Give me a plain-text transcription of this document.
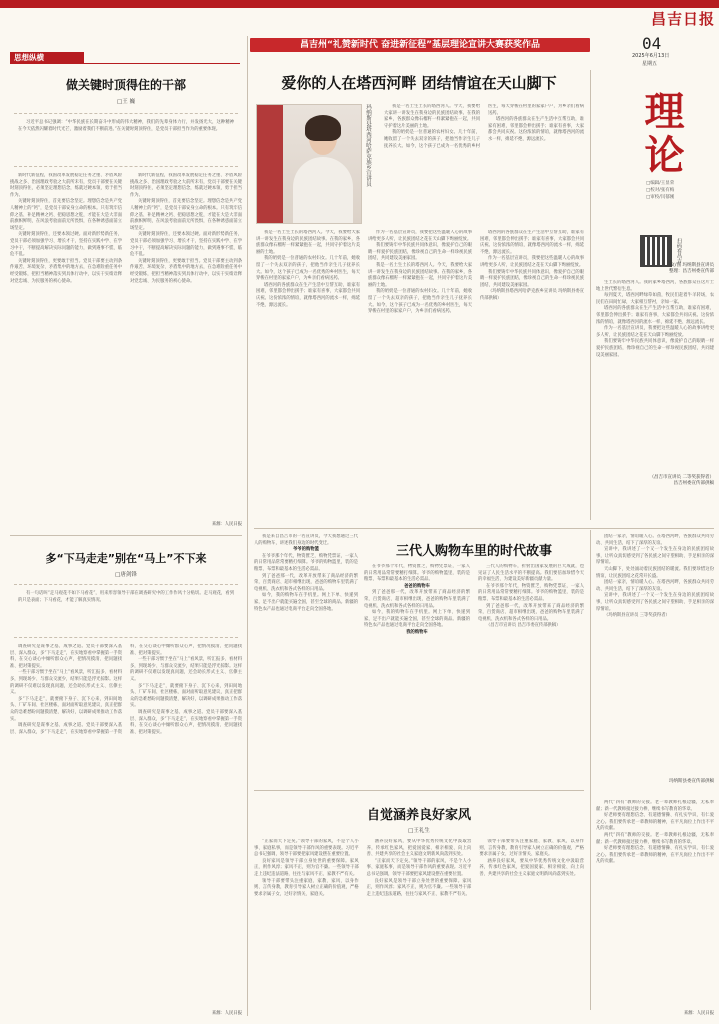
昌吉日报
04
2025年6月13日
星期五
理论
□编辑/王显荣
□校对/张有梅
□审校/闫郁刚
扫码看昌吉
昌吉州“礼赞新时代 奋进新征程”基层理论宣讲大赛获奖作品
思想纵横
做关键时顶得住的干部
□王 巍

习近平总书记强调：“中华民族在长期奋斗中形成的伟大精神，我们的先辈身体力行，并发扬光大，这种精神在今天依然闪耀着时代光芒，激励着我们不断前进。”在关键时刻顶得住，是党员干部担当作为的重要体现。

新时代新征程，我国改革发展稳定任务之重、矛盾风险挑战之多、治国理政考验之大前所未有，党员干部要在关键时刻顶得住，必须坚定理想信念，练就过硬本领，勇于担当作为。

关键时刻顶得住，首先要信念坚定。理想信念是共产党人精神上的“钙”，是党员干部安身立命的根本。只有筑牢信仰之基、补足精神之钙、把稳思想之舵，才能在大是大非面前旗帜鲜明，在风浪考验面前无所畏惧，在各种诱惑面前立场坚定。

关键时刻顶得住，还要本领过硬。面对新形势新任务，党员干部必须加强学习、增长才干，坚持在实践中学、在学习中干，不断提高解决实际问题的能力，做到遇事不慌、临危不乱。

关键时刻顶得住，更要敢于担当。党员干部要主动到条件艰苦、环境复杂、矛盾集中的地方去，在急难险重任务中经受锻炼，把担当精神落实到具体行动中，以实干实绩诠释对党忠诚、为民服务的初心使命。

新时代新征程，我国改革发展稳定任务之重、矛盾风险挑战之多、治国理政考验之大前所未有，党员干部要在关键时刻顶得住，必须坚定理想信念，练就过硬本领，勇于担当作为。

关键时刻顶得住，首先要信念坚定。理想信念是共产党人精神上的“钙”，是党员干部安身立命的根本。只有筑牢信仰之基、补足精神之钙、把稳思想之舵，才能在大是大非面前旗帜鲜明，在风浪考验面前无所畏惧，在各种诱惑面前立场坚定。

关键时刻顶得住，还要本领过硬。面对新形势新任务，党员干部必须加强学习、增长才干，坚持在实践中学、在学习中干，不断提高解决实际问题的能力，做到遇事不慌、临危不乱。

关键时刻顶得住，更要敢于担当。党员干部要主动到条件艰苦、环境复杂、矛盾集中的地方去，在急难险重任务中经受锻炼，把担当精神落实到具体行动中，以实干实绩诠释对党忠诚、为民服务的初心使命。

来源：人民日报
多“下马走走”别在“马上”不下来
□唐剑锋

有一句话叫“走马观花不如下马看花”，用来形容领导干部在调查研究中的工作作风十分贴切。走马观花，看到的只是表面；下马看花，才能了解真实情况。

调查研究是谋事之基、成事之道。党员干部要深入基层、深入群众，多“下马走走”，在实地察看中掌握第一手资料，在交心谈心中倾听群众心声，把情况摸清、把问题找准、把对策提实。

一些干部习惯于坐在“马上”看风景，听汇报多、看材料多，到现场少、与群众交流少，结果只能是浮光掠影。这样的调研不仅难以发现真问题，还会助长形式主义、官僚主义。

多“下马走走”，就要俯下身子、沉下心来，到田间地头、厂矿车间、社区楼栋，面对面听取意见建议，真正把群众的急难愁盼问题摸清楚、解决好，以调研成果推动工作落实。

调查研究是谋事之基、成事之道。党员干部要深入基层、深入群众，多“下马走走”，在实地察看中掌握第一手资料，在交心谈心中倾听群众心声，把情况摸清、把问题找准、把对策提实。

一些干部习惯于坐在“马上”看风景，听汇报多、看材料多，到现场少、与群众交流少，结果只能是浮光掠影。这样的调研不仅难以发现真问题，还会助长形式主义、官僚主义。

多“下马走走”，就要俯下身子、沉下心来，到田间地头、厂矿车间、社区楼栋，面对面听取意见建议，真正把群众的急难愁盼问题摸清楚、解决好，以调研成果推动工作落实。

调查研究是谋事之基、成事之道。党员干部要深入基层、深入群众，多“下马走走”，在实地察看中掌握第一手资料，在交心谈心中倾听群众心声，把情况摸清、把问题找准、把对策提实。

来源：人民日报
爱你的人在塔西河畔 团结情谊在天山脚下
玛纳斯县塔西河哈萨克族乡宣讲员

我是一名土生土长的塔西河人。今天，我要给大家讲一讲发生在我身边的民族团结故事。在我的家乡，各族群众像石榴籽一样紧紧抱在一起，共同守护着这片美丽的土地。

我的奶奶是一位普通的农村妇女。几十年前，她收留了一个失去双亲的孩子，把他当作亲生儿子抚养长大。如今，这个孩子已成为一名优秀的乡村医生，每天穿梭在村里的家家户户，为乡亲们看病送药。

塔西河的各族群众在生产生活中互帮互助，谁家有困难，邻里都会伸出援手；谁家有喜事，大家都会共同庆祝。这份浓浓的情谊，就像塔西河的流水一样，绵延不绝、源远流长。

作为一名基层宣讲员，我要把这些温暖人心的故事讲给更多人听，让民族团结之花在天山脚下绚丽绽放。

我们要铸牢中华民族共同体意识，像爱护自己的眼睛一样爱护民族团结，像珍视自己的生命一样珍视民族团结，共同建设美丽家园。

我是一名土生土长的塔西河人。今天，我要给大家讲一讲发生在我身边的民族团结故事。在我的家乡，各族群众像石榴籽一样紧紧抱在一起，共同守护着这片美丽的土地。

我的奶奶是一位普通的农村妇女。几十年前，她收留了一个失去双亲的孩子，把他当作亲生儿子抚养长大。如今，这个孩子已成为一名优秀的乡村医生，每天穿梭在村里的家家户户，为乡亲们看病送药。

塔西河的各族群众在生产生活中互帮互助，谁家有困难，邻里都会伸出援手；谁家有喜事，大家都会共同庆祝。这份浓浓的情谊，就像塔西河的流水一样，绵延不绝、源远流长。

作为一名基层宣讲员，我要把这些温暖人心的故事讲给更多人听，让民族团结之花在天山脚下绚丽绽放。

我们要铸牢中华民族共同体意识，像爱护自己的眼睛一样爱护民族团结，像珍视自己的生命一样珍视民族团结，共同建设美丽家园。

（玛纳斯县塔西河哈萨克族乡宣讲员 玛纳斯县委宣传部供稿）

我是一名土生土长的塔西河人。今天，我要给大家讲一讲发生在我身边的民族团结故事。在我的家乡，各族群众像石榴籽一样紧紧抱在一起，共同守护着这片美丽的土地。

我的奶奶是一位普通的农村妇女。几十年前，她收留了一个失去双亲的孩子，把他当作亲生儿子抚养长大。如今，这个孩子已成为一名优秀的乡村医生，每天穿梭在村里的家家户户，为乡亲们看病送药。

塔西河的各族群众在生产生活中互帮互助，谁家有困难，邻里都会伸出援手；谁家有喜事，大家都会共同庆祝。这份浓浓的情谊，就像塔西河的流水一样，绵延不绝、源远流长。

生土长的塔西河人。我的家乡塔西河，各族群众在这片土地上世代繁衍生息。

每到夏天，塔西河畔绿草如茵，牧民们赶着牛羊转场，农民们在田间忙碌，大家相互帮衬，亲如一家。

塔西河的各族群众在生产生活中互帮互助，谁家有困难，邻里都会伸出援手；谁家有喜事，大家都会共同庆祝。这份浓浓的情谊，就像塔西河的流水一样，绵延不绝、源远流长。

作为一名基层宣讲员，我要把这些温暖人心的故事讲给更多人听，让民族团结之花在天山脚下绚丽绽放。

我们要铸牢中华民族共同体意识，像爱护自己的眼睛一样爱护民族团结，像珍视自己的生命一样珍视民族团结，共同建设美丽家园。

（昌吉市宣讲员 二等奖获得者）
昌吉州委宣传部供稿

我是来自昌吉市的一名宣讲员，今天我想通过三代人的购物车，讲述我们身边的时代变迁。

爷爷的购物篮

在爷爷那个年代，物资匮乏，购物凭票证，一家人的日常用品常常要精打细算。爷爷的购物篮里，装的是粮票、布票和最基本的生活必需品。

到了爸爸那一代，改革开放带来了商品经济的繁荣，百货商店、超市相继出现，爸爸的购物车里装满了电视机、洗衣机和各式各样的日用品。

如今，我的购物车在手机里。网上下单、快递到家，足不出户就能买遍全国，甚至全球的商品。新疆的特色农产品也通过电商平台走向全国各地。

三代人购物车里的时代故事

在爷爷那个年代，物资匮乏，购物凭票证，一家人的日常用品常常要精打细算。爷爷的购物篮里，装的是粮票、布票和最基本的生活必需品。

爸爸的购物车

到了爸爸那一代，改革开放带来了商品经济的繁荣，百货商店、超市相继出现，爸爸的购物车里装满了电视机、洗衣机和各式各样的日用品。

如今，我的购物车在手机里。网上下单、快递到家，足不出户就能买遍全国，甚至全球的商品。新疆的特色农产品也通过电商平台走向全国各地。

我的购物车

三代人的购物车，折射出国家发展的巨大成就，也见证了人民生活水平的不断提高。我们要倍加珍惜今天的幸福生活，为建设美好新疆贡献力量。

在爷爷那个年代，物资匮乏，购物凭票证，一家人的日常用品常常要精打细算。爷爷的购物篮里，装的是粮票、布票和最基本的生活必需品。

到了爸爸那一代，改革开放带来了商品经济的繁荣，百货商店、超市相继出现，爸爸的购物车里装满了电视机、洗衣机和各式各样的日用品。

（昌吉市宣讲员 昌吉市委宣传部供稿）

团结一家亲，情谊暖人心。在塔西河畔，各族群众共同劳动、共同生活，结下了深厚的友谊。

宣讲中，我讲述了一个又一个发生在身边的民族团结故事，让听众真切感受到了各民族之间守望相助、手足相亲的深厚情谊。

天山脚下，处处涌动着民族团结的暖流。我们要珍惜这份情谊，让民族团结之花常开长盛。

团结一家亲，情谊暖人心。在塔西河畔，各族群众共同劳动、共同生活，结下了深厚的友谊。

宣讲中，我讲述了一个又一个发生在身边的民族团结故事，让听众真切感受到了各民族之间守望相助、手足相亲的深厚情谊。

（玛纳斯县宣讲员 三等奖获得者）

玛纳斯县委宣传部供稿
自觉涵养良好家风
□王礼生

“正家而天下定矣。”领导干部的家风，不是个人小事、家庭私事，而是领导干部作风的重要表现。习近平总书记强调，领导干部要把家风建设摆在重要位置。

良好家风是领导干部立身处世的重要保障。家风正，则作风淳；家风不正，则为官不廉。一些领导干部走上违纪违法道路，往往与家风不正、家教不严有关。

领导干部要带头注重家庭、家教、家风，以身作则、言传身教，教育引导家人树立正确的价值观，严格要求亲属子女，过好亲情关、家庭关。

涵养良好家风，要从中华优秀传统文化中汲取营养，传承红色家风，把爱国爱家、相亲相爱、向上向善、共建共享的社会主义家庭文明新风尚落到实处。

“正家而天下定矣。”领导干部的家风，不是个人小事、家庭私事，而是领导干部作风的重要表现。习近平总书记强调，领导干部要把家风建设摆在重要位置。

良好家风是领导干部立身处世的重要保障。家风正，则作风淳；家风不正，则为官不廉。一些领导干部走上违纪违法道路，往往与家风不正、家教不严有关。

领导干部要带头注重家庭、家教、家风，以身作则、言传身教，教育引导家人树立正确的价值观，严格要求亲属子女，过好亲情关、家庭关。

涵养良好家风，要从中华优秀传统文化中汲取营养，传承红色家风，把爱国爱家、相亲相爱、向上向善、共建共享的社会主义家庭文明新风尚落到实处。

两代“四有”教师的交接。老一辈教师扎根边疆，无私奉献；新一代教师接过接力棒，继续书写教育的华章。

好老师要有理想信念、有道德情操、有扎实学识、有仁爱之心。我们要传承老一辈教师的精神，在平凡岗位上作出不平凡的贡献。

两代“四有”教师的交接。老一辈教师扎根边疆，无私奉献；新一代教师接过接力棒，继续书写教育的华章。

好老师要有理想信念、有道德情操、有扎实学识、有仁爱之心。我们要传承老一辈教师的精神，在平凡岗位上作出不平凡的贡献。

来源：人民日报
文/图 玛纳斯县宣讲员
整理：昌吉州委宣传部
